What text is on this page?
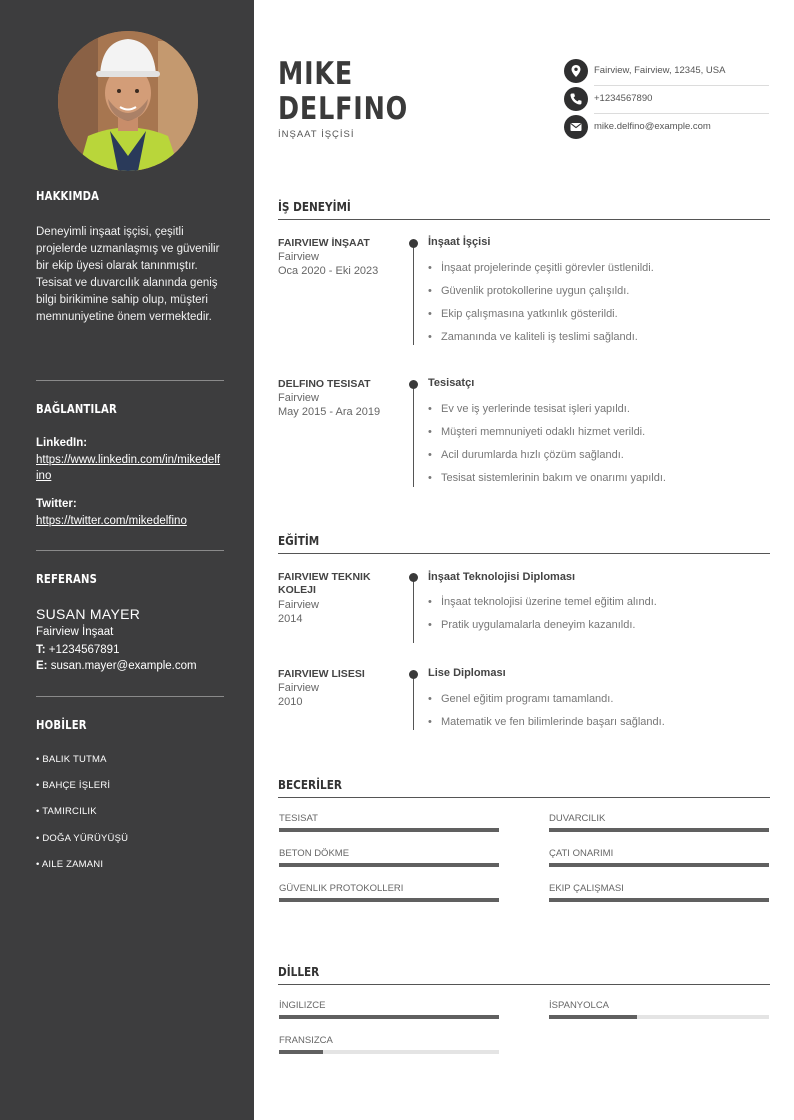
HAKKIMDA
Deneyimli inşaat işçisi, çeşitli projelerde uzmanlaşmış ve güvenilir bir ekip üyesi olarak tanınmıştır. Tesisat ve duvarcılık alanında geniş bilgi birikimine sahip olup, müşteri memnuniyetine önem vermektedir.
BAĞLANTILAR
LinkedIn:
https://www.linkedin.com/in/mikedelfino
Twitter:
https://twitter.com/mikedelfino
REFERANS
SUSAN MAYER
Fairview İnşaat
T: +1234567891
E: susan.mayer@example.com
HOBİLER
• BALIK TUTMA
• BAHÇE İŞLERİ
• TAMIRCILIK
• DOĞA YÜRÜYÜŞÜ
• AILE ZAMANI
MIKE
DELFINO
İNŞAAT İŞÇİSİ
Fairview, Fairview, 12345, USA
+1234567890
mike.delfino@example.com
İŞ DENEYİMİ
FAIRVIEW İNŞAAT
Fairview
Oca 2020 - Eki 2023
İnşaat İşçisi
• İnşaat projelerinde çeşitli görevler üstlenildi.
• Güvenlik protokollerine uygun çalışıldı.
• Ekip çalışmasına yatkınlık gösterildi.
• Zamanında ve kaliteli iş teslimi sağlandı.
DELFINO TESISAT
Fairview
May 2015 - Ara 2019
Tesisatçı
• Ev ve iş yerlerinde tesisat işleri yapıldı.
• Müşteri memnuniyeti odaklı hizmet verildi.
• Acil durumlarda hızlı çözüm sağlandı.
• Tesisat sistemlerinin bakım ve onarımı yapıldı.
EĞİTİM
FAIRVIEW TEKNIK KOLEJI
Fairview
2014
İnşaat Teknolojisi Diploması
• İnşaat teknolojisi üzerine temel eğitim alındı.
• Pratik uygulamalarla deneyim kazanıldı.
FAIRVIEW LISESI
Fairview
2010
Lise Diploması
• Genel eğitim programı tamamlandı.
• Matematik ve fen bilimlerinde başarı sağlandı.
BECERİLER
TESISAT	DUVARCILIK
BETON DÖKME	ÇATI ONARIMI
GÜVENLIK PROTOKOLLERI	EKIP ÇALIŞMASI
DİLLER
İNGILIZCE	İSPANYOLCA
FRANSIZCA
